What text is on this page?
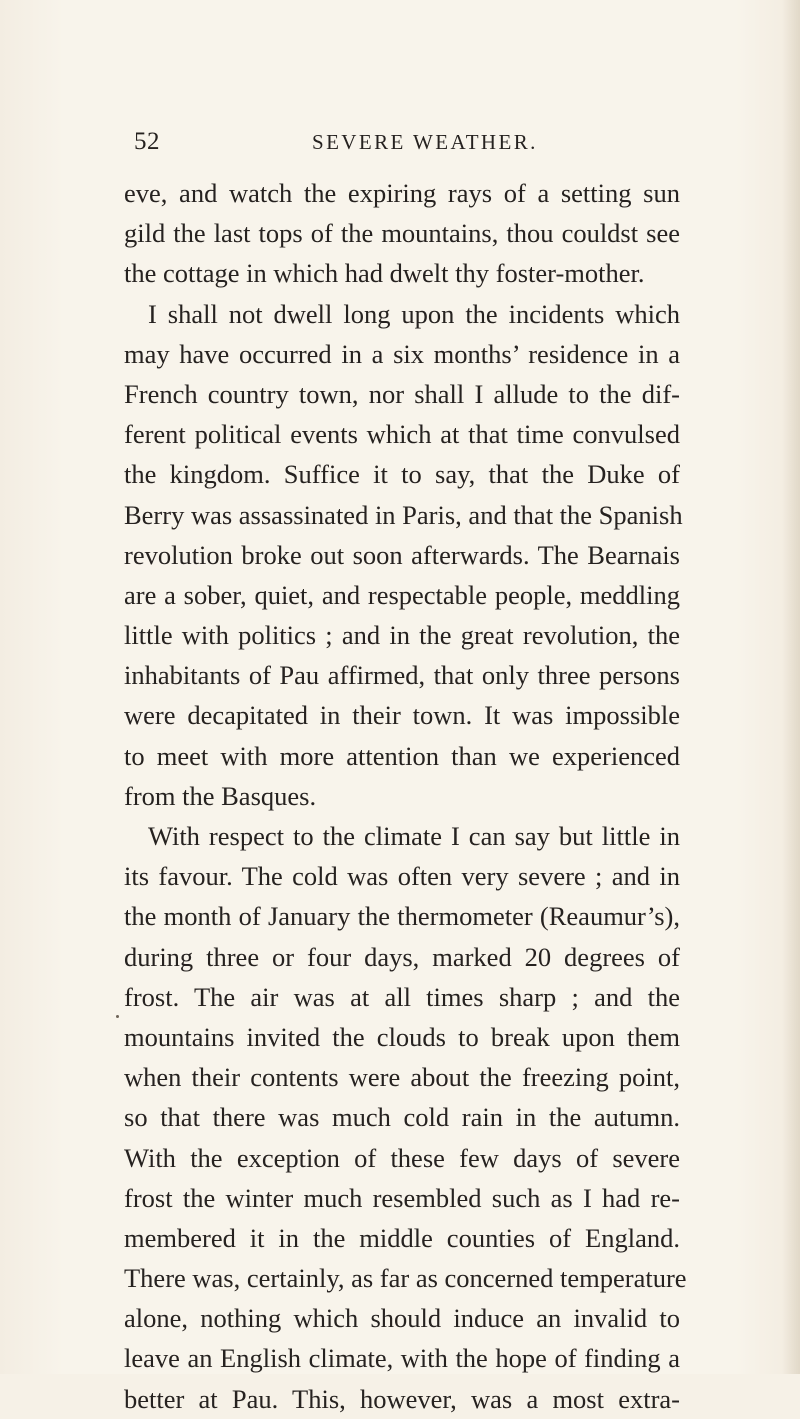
52	SEVERE WEATHER.
eve, and watch the expiring rays of a setting sun
gild the last tops of the mountains, thou couldst see
the cottage in which had dwelt thy foster-mother.
I shall not dwell long upon the incidents which
may have occurred in a six months’ residence in a
French country town, nor shall I allude to the dif-
ferent political events which at that time convulsed
the kingdom. Suffice it to say, that the Duke of
Berry was assassinated in Paris, and that the Spanish
revolution broke out soon afterwards. The Bearnais
are a sober, quiet, and respectable people, meddling
little with politics ; and in the great revolution, the
inhabitants of Pau affirmed, that only three persons
were decapitated in their town. It was impossible
to meet with more attention than we experienced
from the Basques.
With respect to the climate I can say but little in
its favour. The cold was often very severe ; and in
the month of January the thermometer (Reaumur’s),
during three or four days, marked 20 degrees of
frost. The air was at all times sharp ; and the
mountains invited the clouds to break upon them
when their contents were about the freezing point,
so that there was much cold rain in the autumn.
With the exception of these few days of severe
frost the winter much resembled such as I had re-
membered it in the middle counties of England.
There was, certainly, as far as concerned temperature
alone, nothing which should induce an invalid to
leave an English climate, with the hope of finding a
better at Pau. This, however, was a most extra-
